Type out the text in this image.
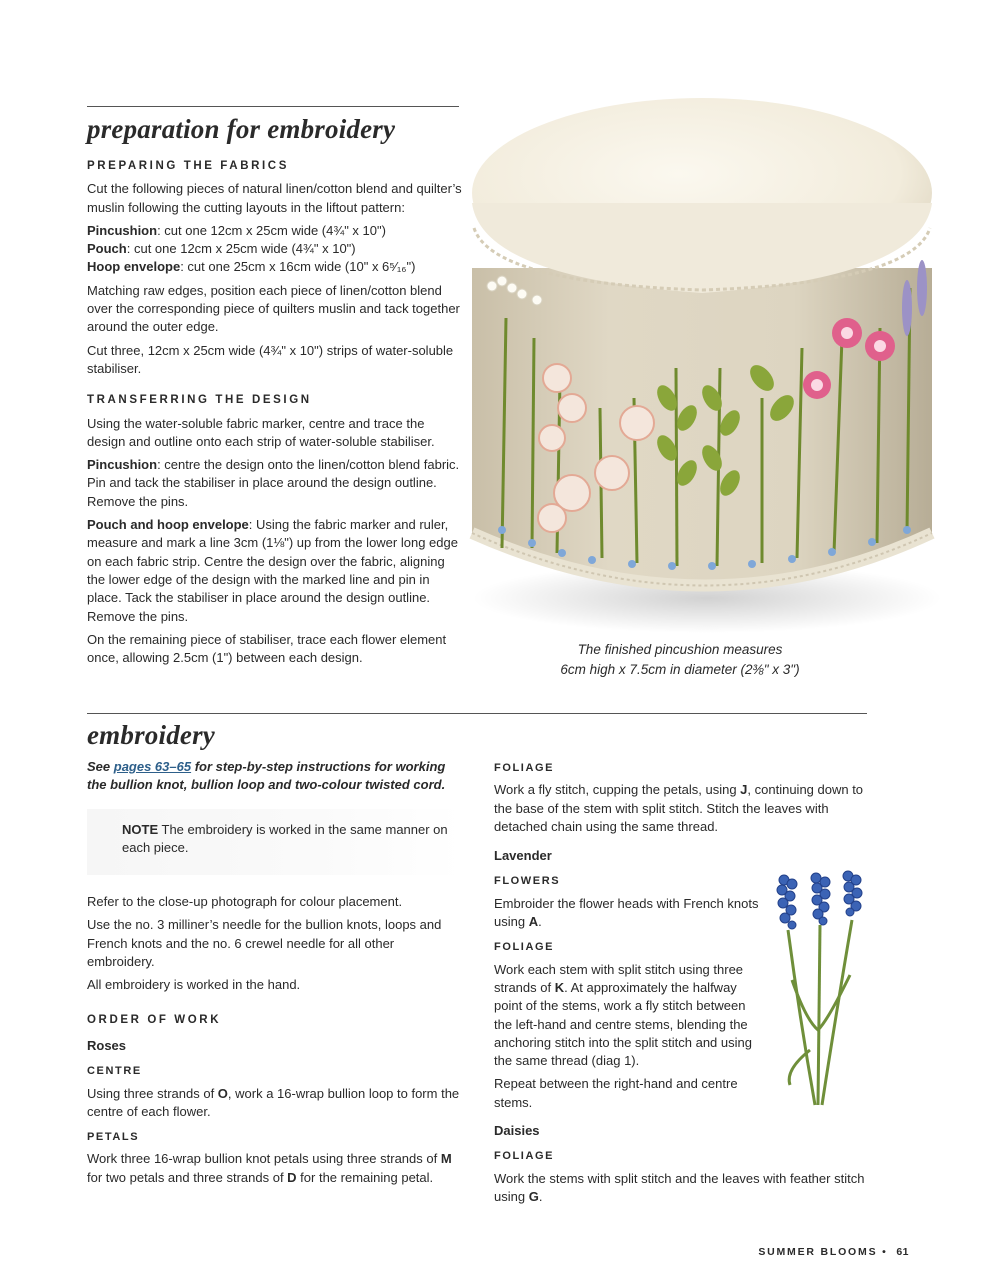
preparation for embroidery
PREPARING THE FABRICS

Cut the following pieces of natural linen/cotton blend and quilter’s muslin following the cutting layouts in the liftout pattern:

Pincushion: cut one 12cm x 25cm wide (4¾" x 10")
Pouch: cut one 12cm x 25cm wide (4¾" x 10")
Hoop envelope: cut one 25cm x 16cm wide (10" x 6⁵⁄₁₆")

Matching raw edges, position each piece of linen/cotton blend over the corresponding piece of quilters muslin and tack together around the outer edge.

Cut three, 12cm x 25cm wide (4¾" x 10") strips of water-soluble stabiliser.

TRANSFERRING THE DESIGN

Using the water-soluble fabric marker, centre and trace the design and outline onto each strip of water-soluble stabiliser.

Pincushion: centre the design onto the linen/cotton blend fabric. Pin and tack the stabiliser in place around the design outline. Remove the pins.

Pouch and hoop envelope: Using the fabric marker and ruler, measure and mark a line 3cm (1⅛") up from the lower long edge on each fabric strip. Centre the design over the fabric, aligning the lower edge of the design with the marked line and pin in place. Tack the stabiliser in place around the design outline. Remove the pins.

On the remaining piece of stabiliser, trace each flower element once, allowing 2.5cm (1") between each design.

The finished pincushion measures
6cm high x 7.5cm in diameter (2⅜" x 3")
embroidery

See pages 63–65 for step-by-step instructions for working the bullion knot, bullion loop and two-colour twisted cord.

NOTE The embroidery is worked in the same manner on each piece.

Refer to the close-up photograph for colour placement.

Use the no. 3 milliner’s needle for the bullion knots, loops and French knots and the no. 6 crewel needle for all other embroidery.

All embroidery is worked in the hand.

ORDER OF WORK
Roses
CENTRE

Using three strands of O, work a 16-wrap bullion loop to form the centre of each flower.

PETALS

Work three 16-wrap bullion knot petals using three strands of M for two petals and three strands of D for the remaining petal.

FOLIAGE

Work a fly stitch, cupping the petals, using J, continuing down to the base of the stem with split stitch. Stitch the leaves with detached chain using the same thread.

Lavender
FLOWERS

Embroider the flower heads with French knots using A.

FOLIAGE

Work each stem with split stitch using three strands of K. At approximately the halfway point of the stems, work a fly stitch between the left-hand and centre stems, blending the anchoring stitch into the split stitch and using the same thread (diag 1).

Repeat between the right-hand and centre stems.

Daisies
FOLIAGE

Work the stems with split stitch and the leaves with feather stitch using G.

SUMMER BLOOMS • 61
